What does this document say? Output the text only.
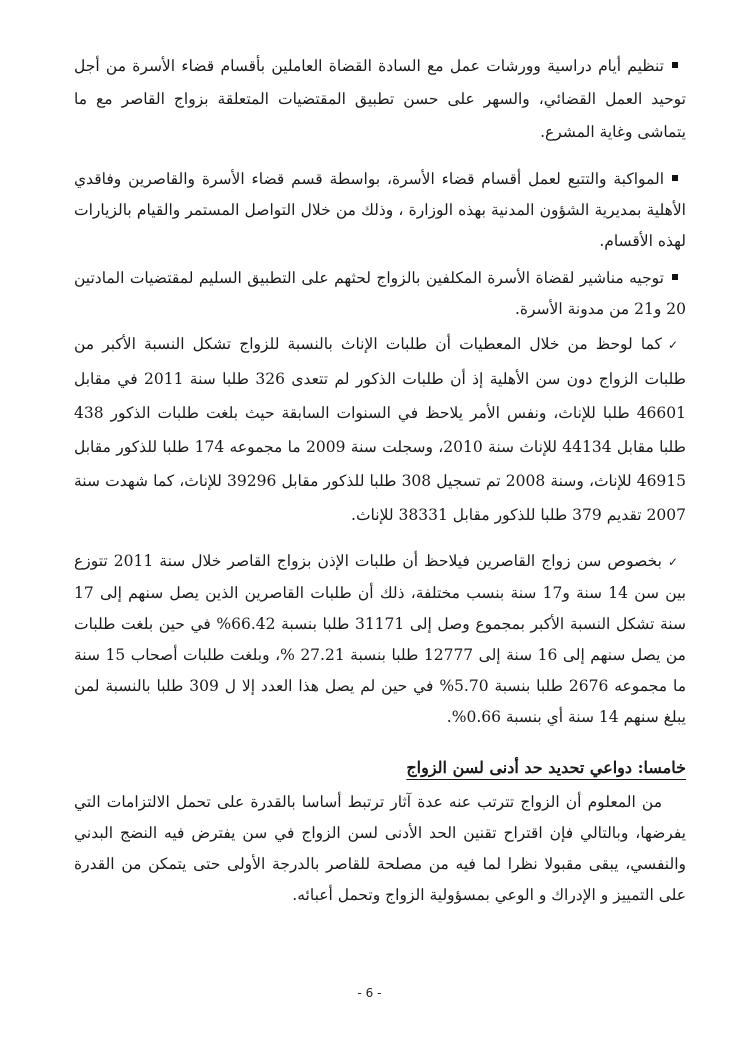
تنظيم أيام دراسية وورشات عمل مع السادة القضاة العاملين بأقسام قضاء الأسرة من أجل توحيد العمل القضائي، والسهر على حسن تطبيق المقتضيات المتعلقة بزواج القاصر مع ما يتماشى وغاية المشرع.

المواكبة والتتبع لعمل أقسام قضاء الأسرة، بواسطة قسم قضاء الأسرة والقاصرين وفاقدي الأهلية بمديرية الشؤون المدنية بهذه الوزارة ، وذلك من خلال التواصل المستمر والقيام بالزيارات لهذه الأقسام.

توجيه مناشير لقضاة الأسرة المكلفين بالزواج لحثهم على التطبيق السليم لمقتضيات المادتين 20 و21 من مدونة الأسرة.

✓كما لوحظ من خلال المعطيات أن طلبات الإناث بالنسبة للزواج تشكل النسبة الأكبر من طلبات الزواج دون سن الأهلية إذ أن طلبات الذكور لم تتعدى 326 طلبا سنة 2011 في مقابل 46601 طلبا للإناث، ونفس الأمر يلاحظ في السنوات السابقة حيث بلغت طلبات الذكور 438 طلبا مقابل 44134 للإناث سنة 2010، وسجلت سنة 2009 ما مجموعه 174 طلبا للذكور مقابل 46915 للإناث، وسنة 2008 تم تسجيل 308 طلبا للذكور مقابل 39296 للإناث، كما شهدت سنة 2007 تقديم 379 طلبا للذكور مقابل 38331 للإناث.

✓بخصوص سن زواج القاصرين فيلاحظ أن طلبات الإذن بزواج القاصر خلال سنة 2011 تتوزع بين سن 14 سنة و17 سنة بنسب مختلفة، ذلك أن طلبات القاصرين الذين يصل سنهم إلى 17 سنة تشكل النسبة الأكبر بمجموع وصل إلى 31171 طلبا بنسبة 66.42% في حين بلغت طلبات من يصل سنهم إلى 16 سنة إلى 12777 طلبا بنسبة 27.21 %، وبلغت طلبات أصحاب 15 سنة ما مجموعه 2676 طلبا بنسبة 5.70% في حين لم يصل هذا العدد إلا ل 309 طلبا بالنسبة لمن يبلغ سنهم 14 سنة أي بنسبة 0.66%.

خامسا: دواعي تحديد حد أدنى لسن الزواج

من المعلوم أن الزواج تترتب عنه عدة آثار ترتبط أساسا بالقدرة على تحمل الالتزامات التي يفرضها، وبالتالي فإن اقتراح تقنين الحد الأدنى لسن الزواج في سن يفترض فيه النضج البدني والنفسي، يبقى مقبولا نظرا لما فيه من مصلحة للقاصر بالدرجة الأولى حتى يتمكن من القدرة على التمييز و الإدراك و الوعي بمسؤولية الزواج وتحمل أعبائه.

- 6 -
